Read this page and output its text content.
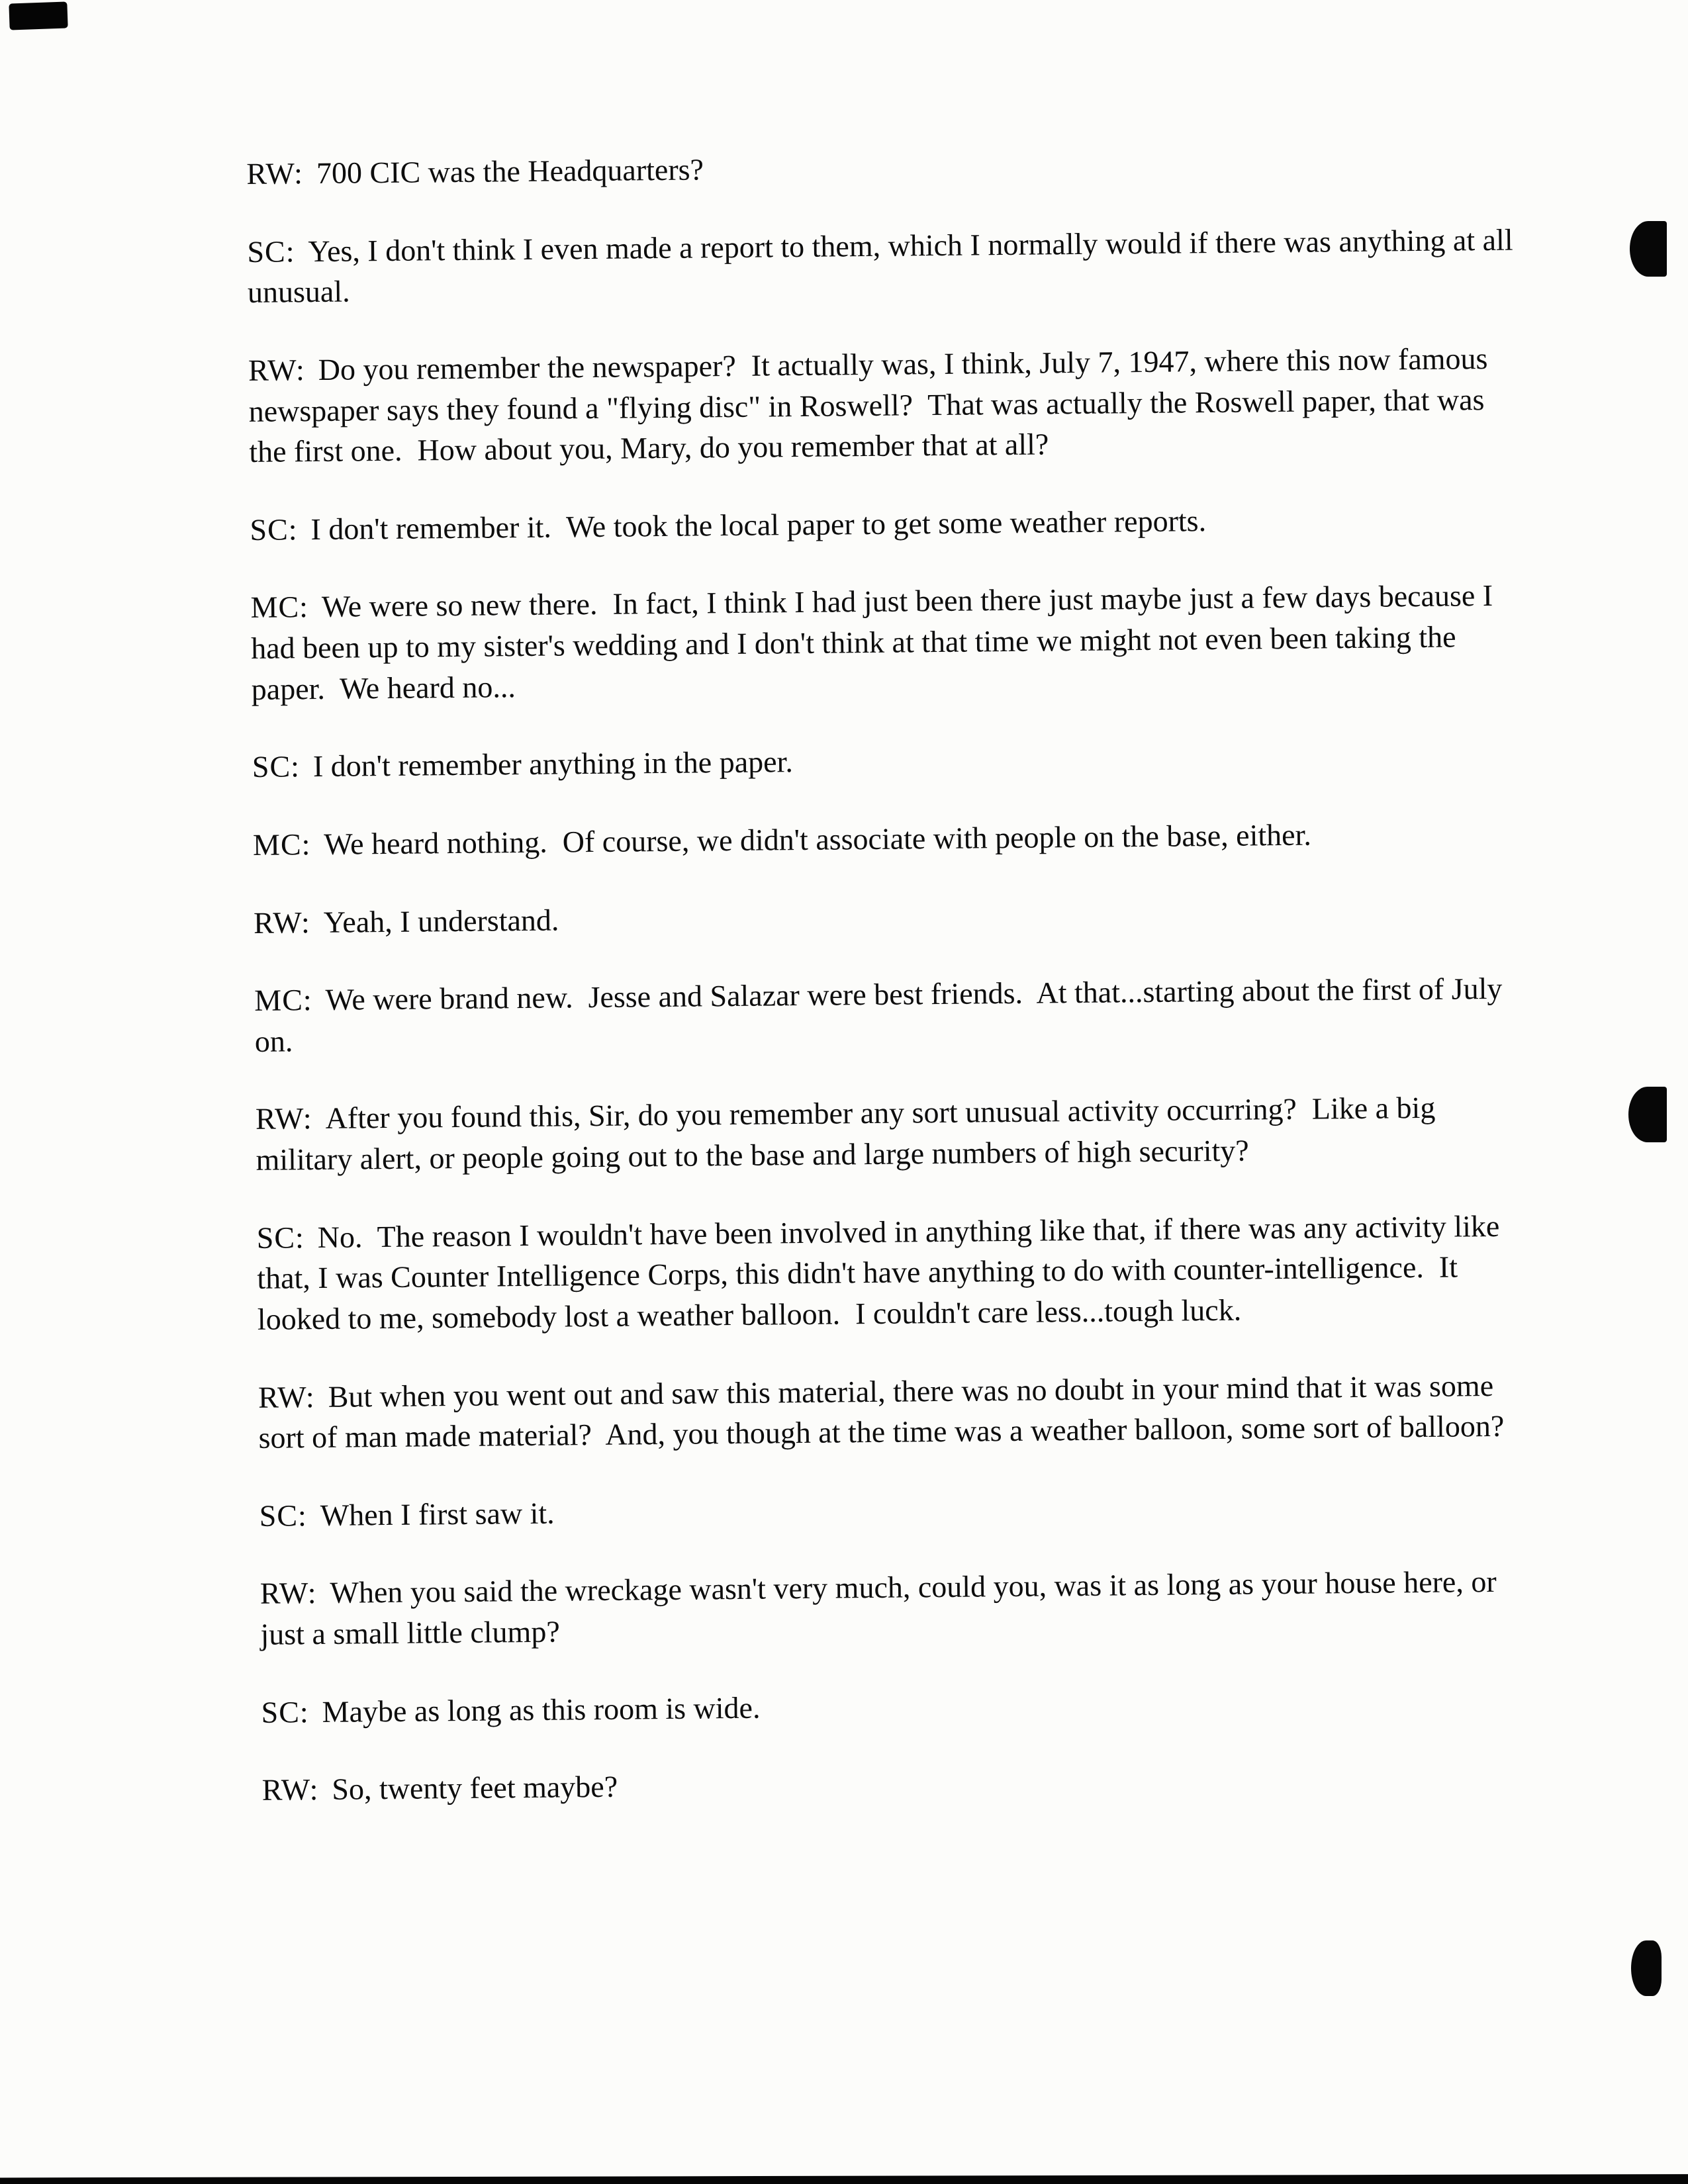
RW: 700 CIC was the Headquarters?

SC: Yes, I don't think I even made a report to them, which I normally would if there was anything at all unusual.

RW: Do you remember the newspaper?  It actually was, I think, July 7, 1947, where this now famous newspaper says they found a "flying disc" in Roswell?  That was actually the Roswell paper, that was the first one.  How about you, Mary, do you remember that at all?

SC: I don't remember it.  We took the local paper to get some weather reports.

MC: We were so new there.  In fact, I think I had just been there just maybe just a few days because I had been up to my sister's wedding and I don't think at that time we might not even been taking the paper.  We heard no...

SC: I don't remember anything in the paper.

MC: We heard nothing.  Of course, we didn't associate with people on the base, either.

RW: Yeah, I understand.

MC: We were brand new.  Jesse and Salazar were best friends.  At that...starting about the first of July on.

RW: After you found this, Sir, do you remember any sort unusual activity occurring?  Like a big military alert, or people going out to the base and large numbers of high security?

SC: No.  The reason I wouldn't have been involved in anything like that, if there was any activity like that, I was Counter Intelligence Corps, this didn't have anything to do with counter-intelligence.  It looked to me, somebody lost a weather balloon.  I couldn't care less...tough luck.

RW: But when you went out and saw this material, there was no doubt in your mind that it was some sort of man made material?  And, you though at the time was a weather balloon, some sort of balloon?

SC: When I first saw it.

RW: When you said the wreckage wasn't very much, could you, was it as long as your house here, or just a small little clump?

SC: Maybe as long as this room is wide.

RW: So, twenty feet maybe?
